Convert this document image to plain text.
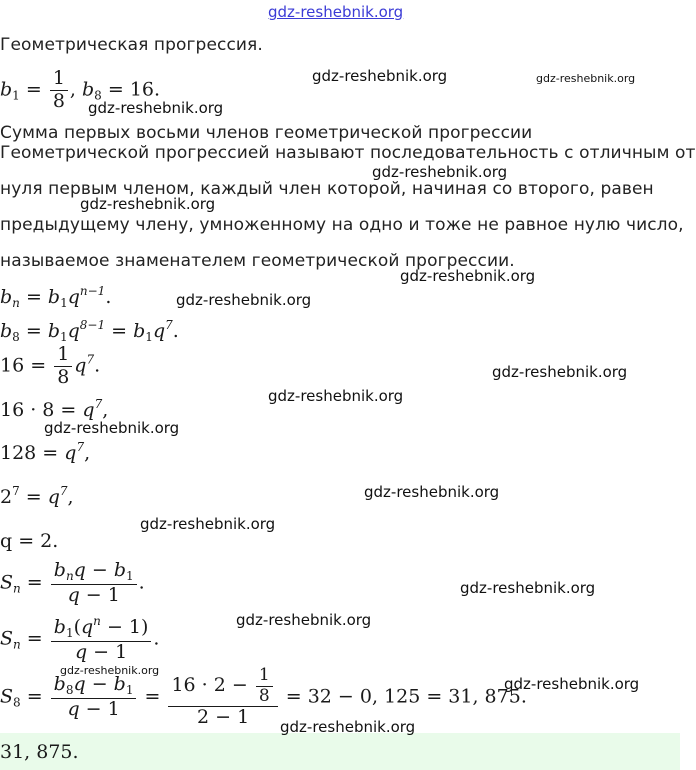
gdz-reshebnik.org
gdz-reshebnik.org	gdz-reshebnik.org
gdz-reshebnik.org
gdz-reshebnik.org
gdz-reshebnik.org
gdz-reshebnik.org
gdz-reshebnik.org
gdz-reshebnik.org
gdz-reshebnik.org
gdz-reshebnik.org
gdz-reshebnik.org
gdz-reshebnik.org
gdz-reshebnik.org
gdz-reshebnik.org
gdz-reshebnik.org
gdz-reshebnik.org
gdz-reshebnik.org
Геометрическая прогрессия.
$b_1 = \frac{1}{8}$ , $b_8 = 16$.
Сумма первых восьми членов геометрической прогрессии
Геометрической прогрессией называют последовательность с отличным от
нуля первым членом, каждый член которой, начиная со второго, равен
предыдущему члену, умноженному на одно и тоже не равное нулю число,
называемое знаменателем геометрической прогрессии.
$b_n = b_1q^{n-1}$.
$b_8 = b_1q^{8-1} = b_1q^7$.
$16 = \frac{1}{8} q^7$.
$16 \cdot 8 = q^7$,
$128 = q^7$,
$2^7 = q^7$,
q = 2.
$S_n = \frac{b_nq - b_1}{q - 1}$ .
$S_n = \frac{b_1(q^n - 1)}{q - 1}$ .
$S_8 = \frac{b_8q - b_1}{q - 1} = \frac{16 \cdot 2 - \frac{1}{8}}{2 - 1} = 32 - 0$, 125 = 31, 875.
31, 875.
